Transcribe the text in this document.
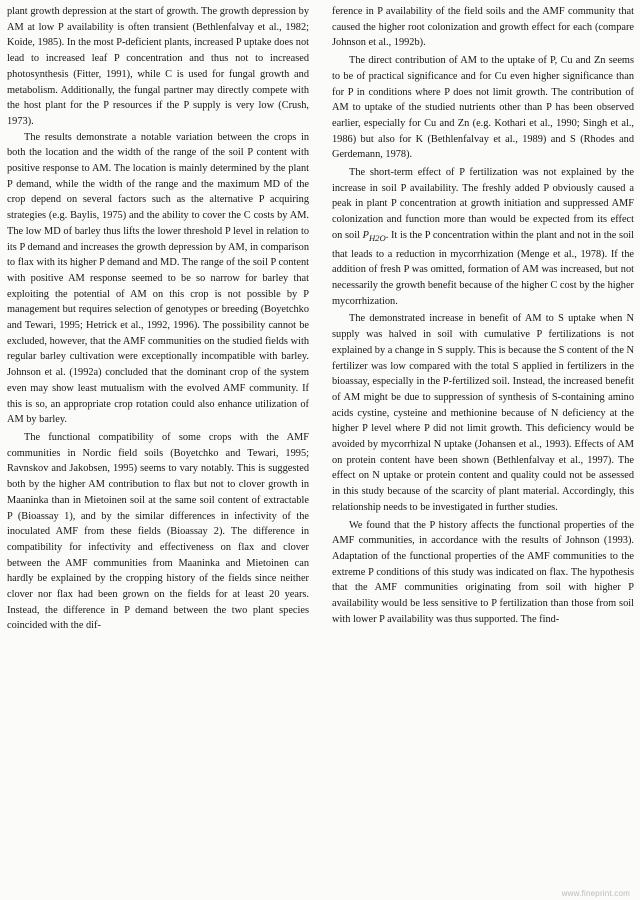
plant growth depression at the start of growth. The growth depression by AM at low P availability is often transient (Bethlenfalvay et al., 1982; Koide, 1985). In the most P-deficient plants, increased P uptake does not lead to increased leaf P concentration and thus not to increased photosynthesis (Fitter, 1991), while C is used for fungal growth and metabolism. Additionally, the fungal partner may directly compete with the host plant for the P resources if the P supply is very low (Crush, 1973).

The results demonstrate a notable variation between the crops in both the location and the width of the range of the soil P content with positive response to AM. The location is mainly determined by the plant P demand, while the width of the range and the maximum MD of the crop depend on several factors such as the alternative P acquiring strategies (e.g. Baylis, 1975) and the ability to cover the C costs by AM. The low MD of barley thus lifts the lower threshold P level in relation to its P demand and increases the growth depression by AM, in comparison to flax with its higher P demand and MD. The range of the soil P content with positive AM response seemed to be so narrow for barley that exploiting the potential of AM on this crop is not possible by P management but requires selection of genotypes or breeding (Boyetchko and Tewari, 1995; Hetrick et al., 1992, 1996). The possibility cannot be excluded, however, that the AMF communities on the studied fields with regular barley cultivation were exceptionally incompatible with barley. Johnson et al. (1992a) concluded that the dominant crop of the system even may show least mutualism with the evolved AMF community. If this is so, an appropriate crop rotation could also enhance utilization of AM by barley.

The functional compatibility of some crops with the AMF communities in Nordic field soils (Boyetchko and Tewari, 1995; Ravnskov and Jakobsen, 1995) seems to vary notably. This is suggested both by the higher AM contribution to flax but not to clover growth in Maaninka than in Mietoinen soil at the same soil content of extractable P (Bioassay 1), and by the similar differences in infectivity of the inoculated AMF from these fields (Bioassay 2). The difference in compatibility for infectivity and effectiveness on flax and clover between the AMF communities from Maaninka and Mietoinen can hardly be explained by the cropping history of the fields since neither clover nor flax had been grown on the fields for at least 20 years. Instead, the difference in P demand between the two plant species coincided with the dif-

ference in P availability of the field soils and the AMF community that caused the higher root colonization and growth effect for each (compare Johnson et al., 1992b).

The direct contribution of AM to the uptake of P, Cu and Zn seems to be of practical significance and for Cu even higher significance than for P in conditions where P does not limit growth. The contribution of AM to uptake of the studied nutrients other than P has been observed earlier, especially for Cu and Zn (e.g. Kothari et al., 1990; Singh et al., 1986) but also for K (Bethlenfalvay et al., 1989) and S (Rhodes and Gerdemann, 1978).

The short-term effect of P fertilization was not explained by the increase in soil P availability. The freshly added P obviously caused a peak in plant P concentration at growth initiation and suppressed AMF colonization and function more than would be expected from its effect on soil $P_{H2O}$. It is the P concentration within the plant and not in the soil that leads to a reduction in mycorrhization (Menge et al., 1978). If the addition of fresh P was omitted, formation of AM was increased, but not necessarily the growth benefit because of the higher C cost by the higher mycorrhization.

The demonstrated increase in benefit of AM to S uptake when N supply was halved in soil with cumulative P fertilizations is not explained by a change in S supply. This is because the S content of the N fertilizer was low compared with the total S applied in fertilizers in the bioassay, especially in the P-fertilized soil. Instead, the increased benefit of AM might be due to suppression of synthesis of S-containing amino acids cystine, cysteine and methionine because of N deficiency at the higher P level where P did not limit growth. This deficiency would be avoided by mycorrhizal N uptake (Johansen et al., 1993). Effects of AM on protein content have been shown (Bethlenfalvay et al., 1997). The effect on N uptake or protein content and quality could not be assessed in this study because of the scarcity of plant material. Accordingly, this relationship needs to be investigated in further studies.

We found that the P history affects the functional properties of the AMF communities, in accordance with the results of Johnson (1993). Adaptation of the functional properties of the AMF communities to the extreme P conditions of this study was indicated on flax. The hypothesis that the AMF communities originating from soil with higher P availability would be less sensitive to P fertilization than those from soil with lower P availability was thus supported. The find-

www.fineprint.com
